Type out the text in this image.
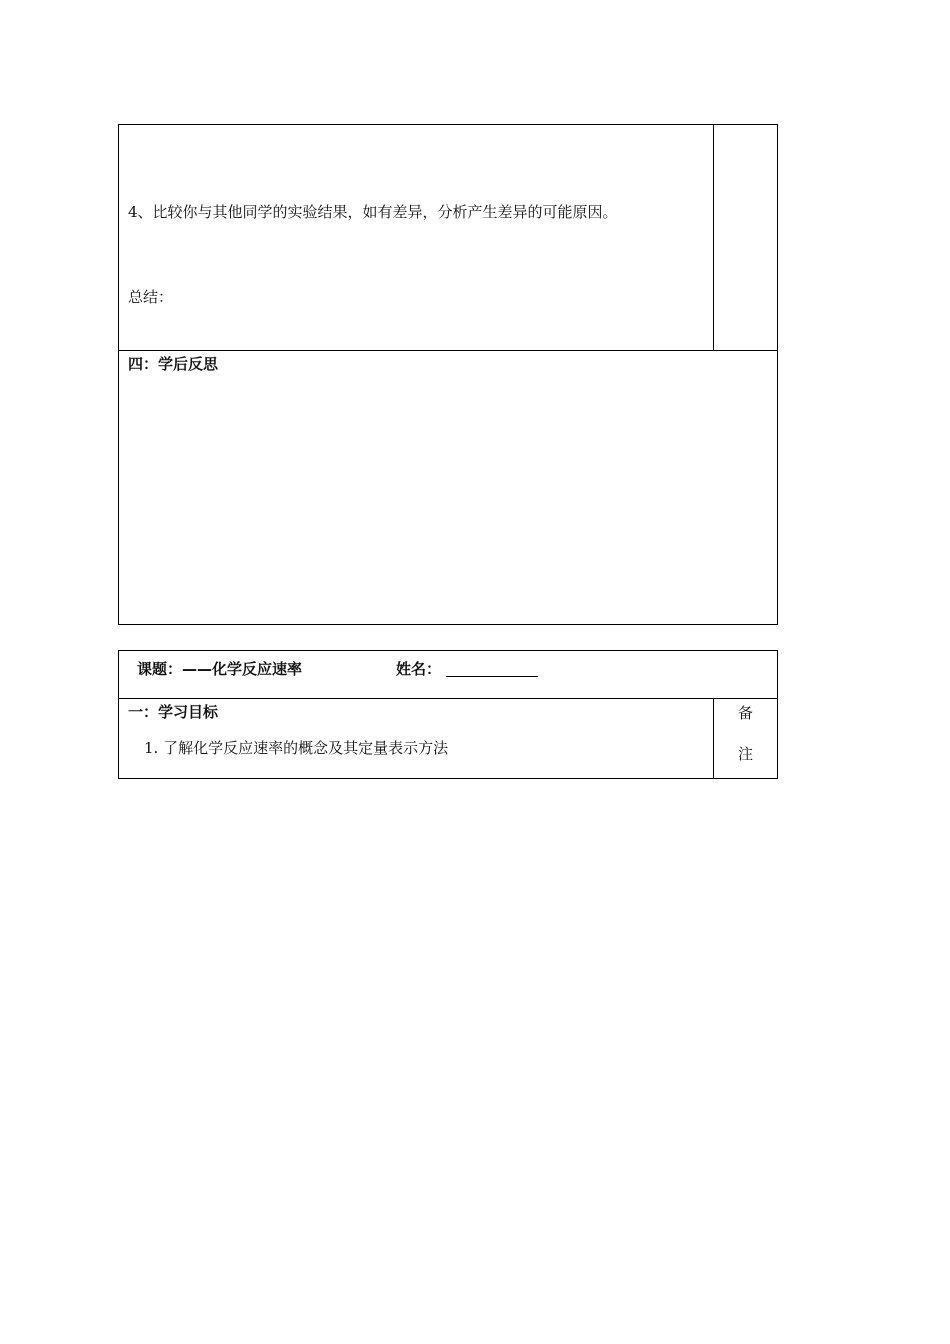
4、比较你与其他同学的实验结果，如有差异，分析产生差异的可能原因。
总结：
四：学后反思
课题：——化学反应速率	姓名：
一：学习目标
1. 了解化学反应速率的概念及其定量表示方法
备
注
